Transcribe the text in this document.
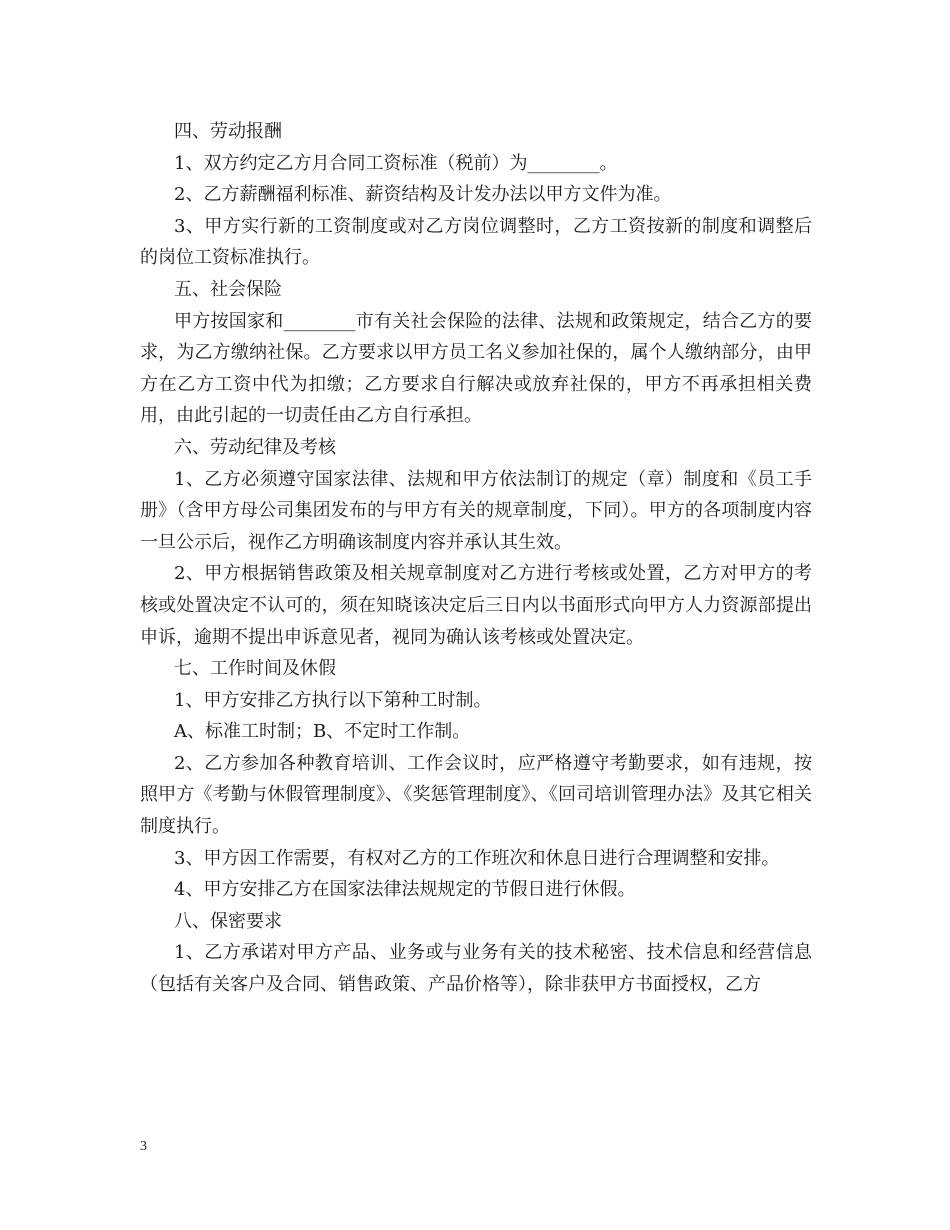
四、劳动报酬

1、双方约定乙方月合同工资标准（税前）为________。

2、乙方薪酬福利标准、薪资结构及计发办法以甲方文件为准。

3、甲方实行新的工资制度或对乙方岗位调整时，乙方工资按新的制度和调整后的岗位工资标准执行。

五、社会保险

甲方按国家和________市有关社会保险的法律、法规和政策规定，结合乙方的要求，为乙方缴纳社保。乙方要求以甲方员工名义参加社保的，属个人缴纳部分，由甲方在乙方工资中代为扣缴；乙方要求自行解决或放弃社保的，甲方不再承担相关费用，由此引起的一切责任由乙方自行承担。

六、劳动纪律及考核

1、乙方必须遵守国家法律、法规和甲方依法制订的规定（章）制度和《员工手册》（含甲方母公司集团发布的与甲方有关的规章制度，下同）。甲方的各项制度内容一旦公示后，视作乙方明确该制度内容并承认其生效。

2、甲方根据销售政策及相关规章制度对乙方进行考核或处置，乙方对甲方的考核或处置决定不认可的，须在知晓该决定后三日内以书面形式向甲方人力资源部提出申诉，逾期不提出申诉意见者，视同为确认该考核或处置决定。

七、工作时间及休假

1、甲方安排乙方执行以下第种工时制。

A、标准工时制；B、不定时工作制。

2、乙方参加各种教育培训、工作会议时，应严格遵守考勤要求，如有违规，按照甲方《考勤与休假管理制度》、《奖惩管理制度》、《回司培训管理办法》及其它相关制度执行。

3、甲方因工作需要，有权对乙方的工作班次和休息日进行合理调整和安排。

4、甲方安排乙方在国家法律法规规定的节假日进行休假。

八、保密要求

1、乙方承诺对甲方产品、业务或与业务有关的技术秘密、技术信息和经营信息（包括有关客户及合同、销售政策、产品价格等），除非获甲方书面授权，乙方

3
